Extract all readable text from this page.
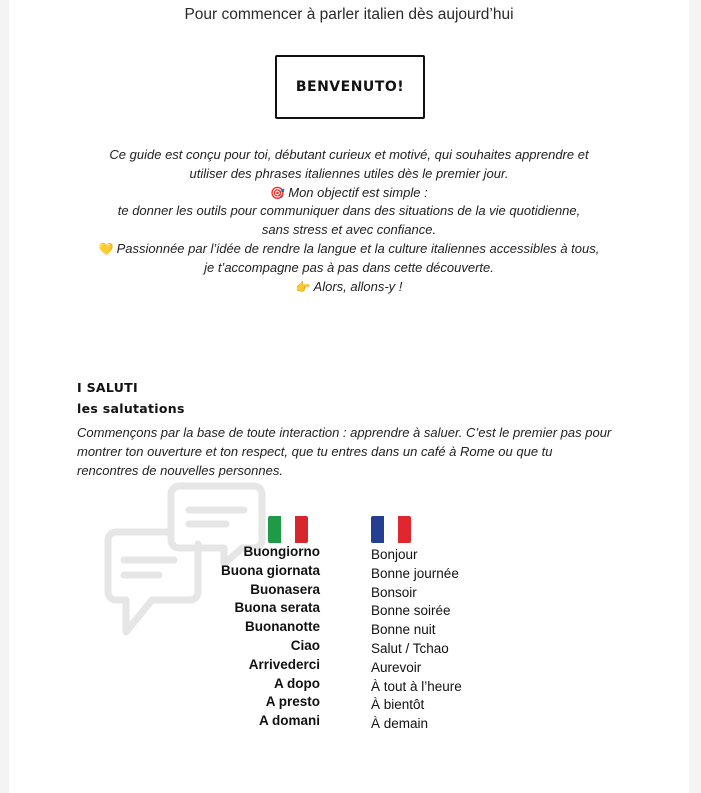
Pour commencer à parler italien dès aujourd’hui
BENVENUTO!

Ce guide est conçu pour toi, débutant curieux et motivé, qui souhaites apprendre et

utiliser des phrases italiennes utiles dès le premier jour.

🎯 Mon objectif est simple :

te donner les outils pour communiquer dans des situations de la vie quotidienne,

sans stress et avec confiance.

💛 Passionnée par l’idée de rendre la langue et la culture italiennes accessibles à tous,

je t’accompagne pas à pas dans cette découverte.

👉 Alors, allons-y !

I SALUTI
les salutations
Commençons par la base de toute interaction : apprendre à saluer. C’est le premier pas pour montrer ton ouverture et ton respect, que tu entres dans un café à Rome ou que tu rencontres de nouvelles personnes.
Buongiorno
Buona giornata
Buonasera
Buona serata
Buonanotte
Ciao
Arrivederci
A dopo
A presto
A domani
Bonjour
Bonne journée
Bonsoir
Bonne soirée
Bonne nuit
Salut / Tchao
Aurevoir
À tout à l’heure
À bientôt
À demain
